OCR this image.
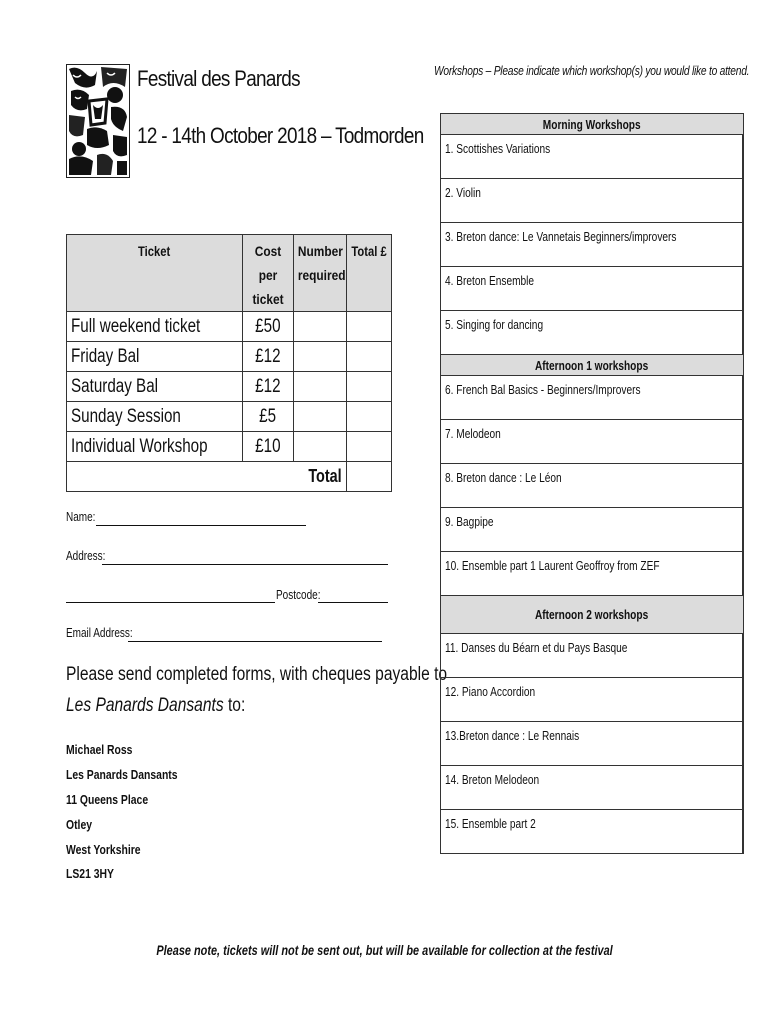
Festival des Panards
12 - 14th October 2018 – Todmorden
Workshops – Please indicate which workshop(s) you would like to attend.
Ticket	Cost per ticket	Number required	Total £
Full weekend ticket	£50		
Friday Bal	£12		
Saturday Bal	£12		
Sunday Session	£5		
Individual Workshop	£10		
Total			
Name:
Address:
Postcode:
Email Address:
Please send completed forms, with cheques payable to
Les Panards Dansants to:
Michael Ross
Les Panards Dansants
11 Queens Place
Otley
West Yorkshire
LS21 3HY
Please note, tickets will not be sent out, but will be available for collection at the festival
Morning Workshops	
1. Scottishes Variations	
2. Violin	
3. Breton dance: Le Vannetais Beginners/improvers	
4. Breton Ensemble	
5. Singing for dancing	
Afternoon 1 workshops	
6. French Bal Basics - Beginners/Improvers	
7. Melodeon	
8. Breton dance : Le Léon	
9. Bagpipe	
10. Ensemble part 1 Laurent Geoffroy from ZEF	
Afternoon 2 workshops	
11. Danses du Béarn et du Pays Basque	
12. Piano Accordion	
13.Breton dance : Le Rennais	
14. Breton Melodeon	
15. Ensemble part 2	
